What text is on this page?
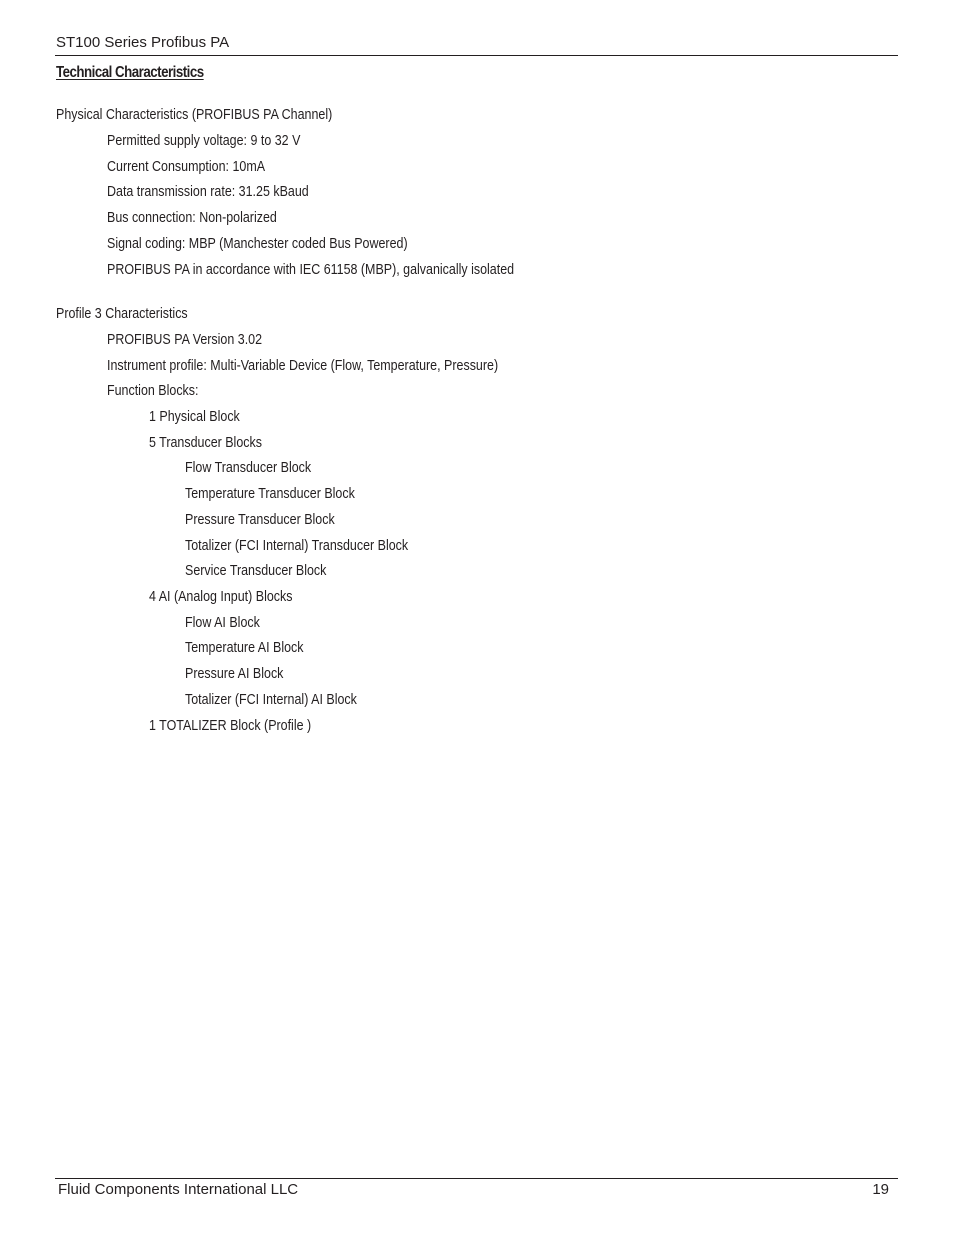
ST100 Series Profibus PA
Technical Characteristics
Physical Characteristics (PROFIBUS PA Channel)
Permitted supply voltage: 9 to 32 V
Current Consumption: 10mA
Data transmission rate: 31.25 kBaud
Bus connection: Non-polarized
Signal coding: MBP (Manchester coded Bus Powered)
PROFIBUS PA in accordance with IEC 61158 (MBP), galvanically isolated
Profile 3 Characteristics
PROFIBUS PA Version 3.02
Instrument profile: Multi-Variable Device (Flow, Temperature, Pressure)
Function Blocks:
1 Physical Block
5 Transducer Blocks
Flow Transducer Block
Temperature Transducer Block
Pressure Transducer Block
Totalizer (FCI Internal) Transducer Block
Service Transducer Block
4 AI (Analog Input) Blocks
Flow AI Block
Temperature AI Block
Pressure AI Block
Totalizer (FCI Internal) AI Block
1 TOTALIZER Block (Profile )
Fluid Components International LLC	19
